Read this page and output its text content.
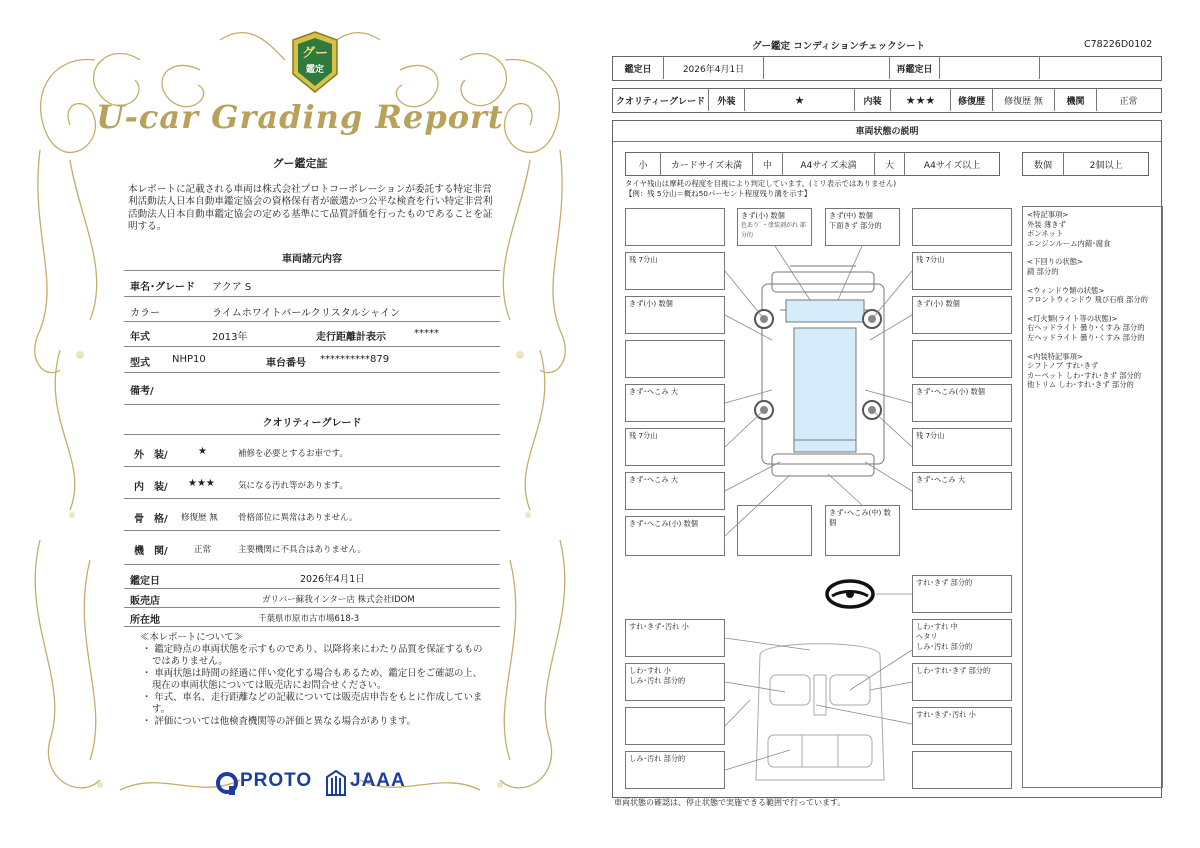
グー
鑑定
U-car Grading Report
グー鑑定証
本レポートに記載される車両は株式会社プロトコーポレーションが委託する特定非営利活動法人日本自動車鑑定協会の資格保有者が厳選かつ公平な検査を行い特定非営利活動法人日本自動車鑑定協会の定める基準にて品質評価を行ったものであることを証明する。
車両諸元内容
車名･グレード アクア S
カラー	ライムホワイトパールクリスタルシャイン
年式	2013年	走行距離計表示	*****
型式 NHP10	車台番号 **********879
備考/
クオリティーグレード
外　装/	★	補修を必要とするお車です。
内　装/ ★★★	気になる汚れ等があります。
骨　格/ 修復歴 無 骨格部位に異常はありません。
機　関/	正常	主要機関に不具合はありません。
鑑定日	2026年4月1日
販売店	ガリバー蘇我インター店 株式会社IDOM
所在地	千葉県市原市古市場618-3
≪本レポートについて≫
・ 鑑定時点の車両状態を示すものであり、以降将来にわたり品質を保証するものではありません。
・ 車両状態は時間の経過に伴い変化する場合もあるため、鑑定日をご確認の上、現在の車両状態については販売店にお問合せください。
・ 年式、車名、走行距離などの記載については販売店申告をもとに作成しています。
・ 評価については他検査機関等の評価と異なる場合があります。
PROTO JAAA
グー鑑定 コンディションチェックシート	C78226D0102
鑑定日	2026年4月1日	再鑑定日
クオリティーグレード	外装	★	内装	★★★	修復歴	修復歴 無	機関	正常
車両状態の説明
小	カードサイズ未満	中	A4サイズ未満	大	A4サイズ以上	数個	2個以上
タイヤ残山は摩耗の程度を目視により判定しています。(ミリ表示ではありません)
【例：残 5分山＝概ね50パーセント程度残り溝を示す】
きず(小) 数個
色ありﾞ・塗装剥がれ 部分的
きず(中) 数個
下面きず 部分的
残 7分山
きず(小) 数個
きず･へこみ 大
残 7分山
きず･へこみ 大
きず･へこみ(小) 数個
きず･へこみ(中) 数個
残 7分山
きず(小) 数個
きず･へこみ(小) 数個
残 7分山
きず･へこみ 大
すれ･きず 部分的
すれ･きず･汚れ 小	しわ･すれ 中
ヘタリ
しみ･汚れ 部分的
しわ･すれ 小
しみ･汚れ 部分的
しわ･すれ･きず 部分的
すれ･きず･汚れ 小
しみ･汚れ 部分的
<特記事項>
外装 薄きず
ボンネット
エンジンルーム内錆･腐食
<下回りの状態>
錆 部分的
<ウィンドウ類の状態>
フロントウィンドウ 飛び石痕 部分的
<灯火類(ライト等の状態)>
右ヘッドライト 曇り･くすみ 部分的
左ヘッドライト 曇り･くすみ 部分的
<内装特記事項>
シフトノブ すれ･きず
カーペット しわ･すれ･きず 部分的
他トリム しわ･すれ･きず 部分的
車両状態の確認は、停止状態で実施できる範囲で行っています。
